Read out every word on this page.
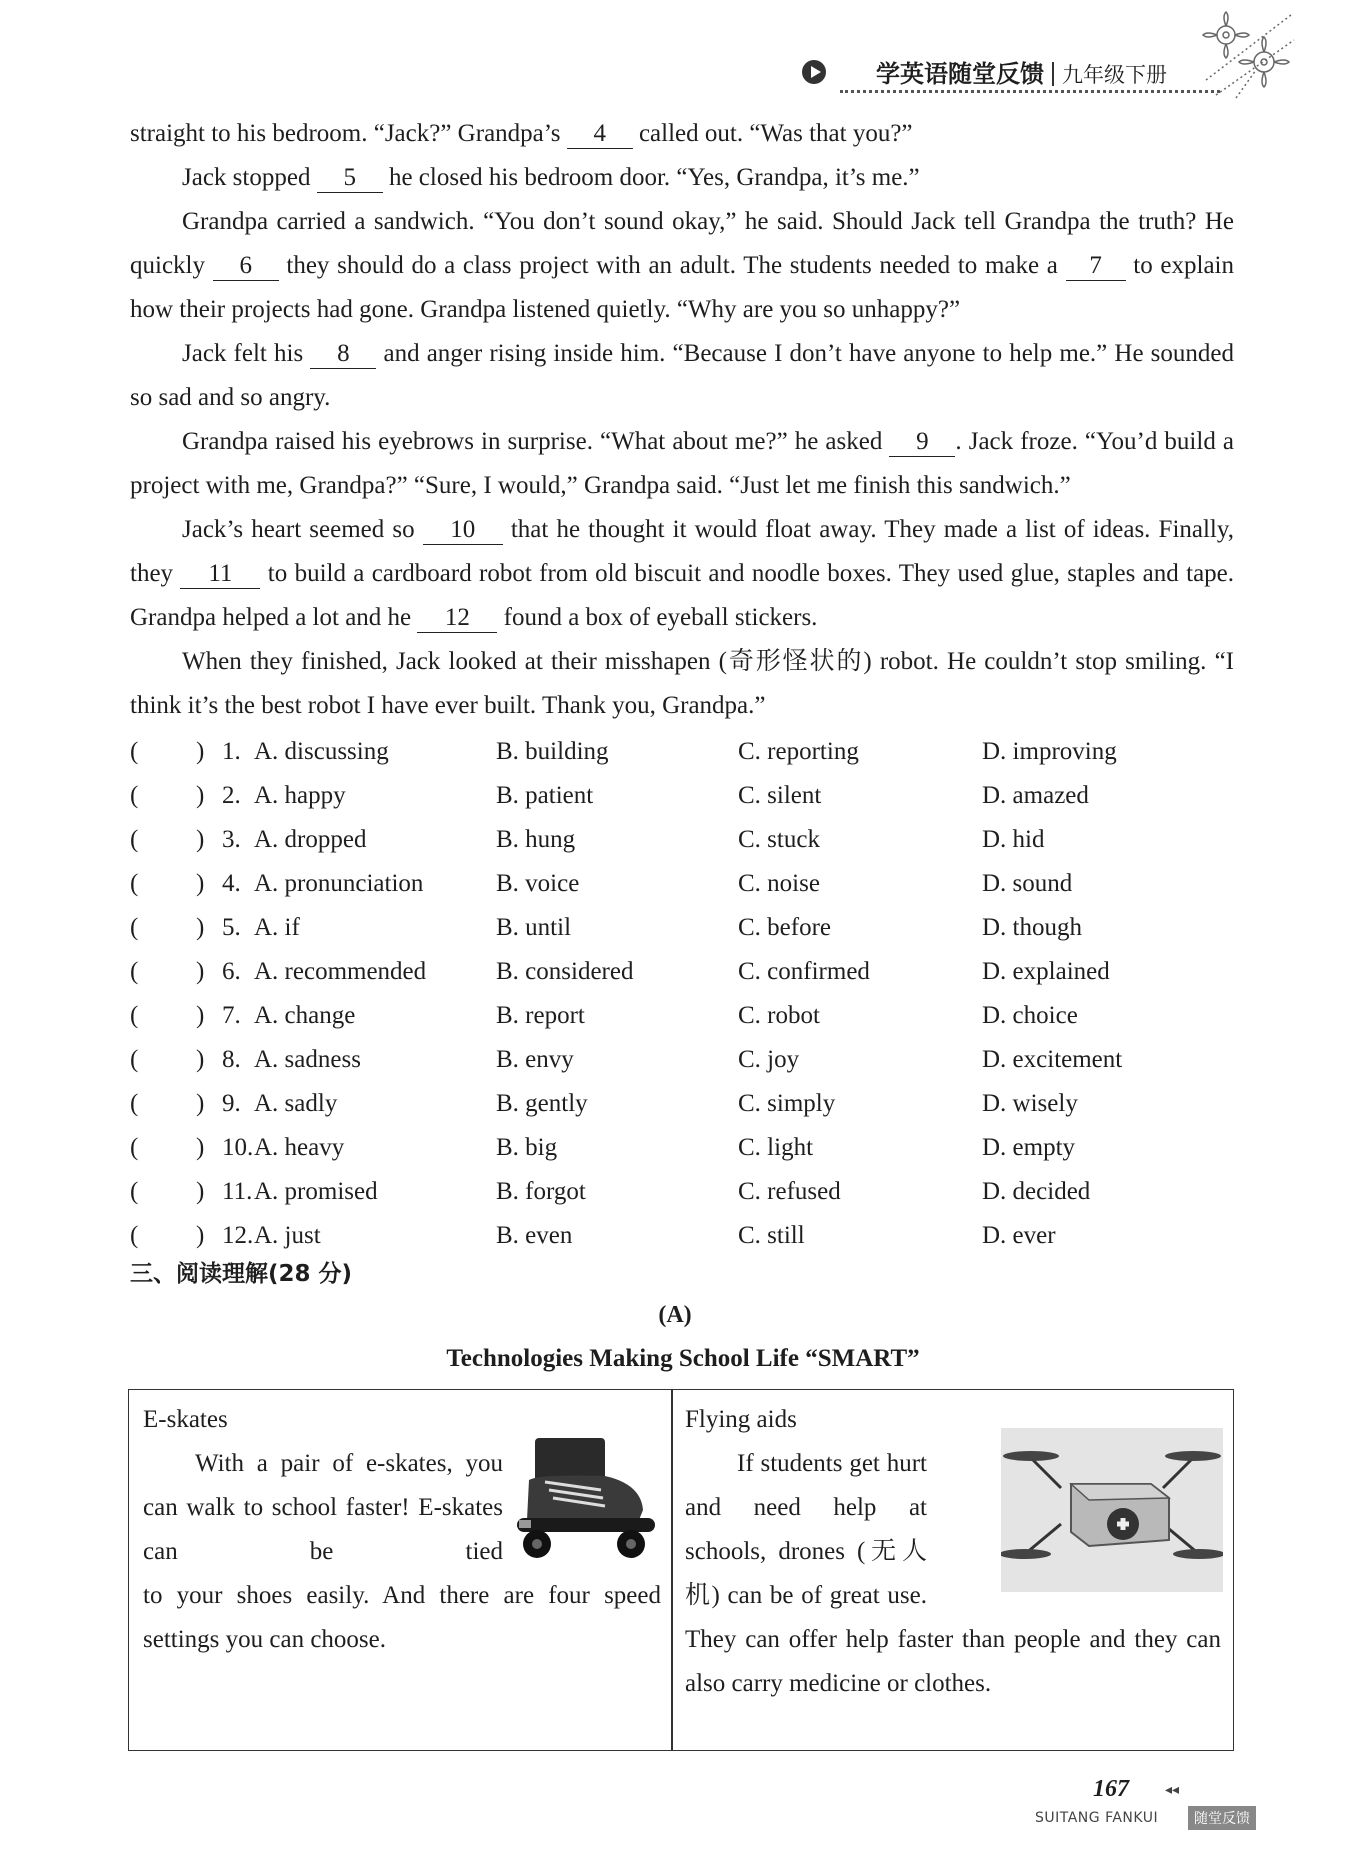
学英语随堂反馈 九年级下册

straight to his bedroom. “Jack?” Grandpa’s 4 called out. “Was that you?”

Jack stopped 5 he closed his bedroom door. “Yes, Grandpa, it’s me.”

Grandpa carried a sandwich. “You don’t sound okay,” he said. Should Jack tell Grandpa the truth? He quickly 6 they should do a class project with an adult. The students needed to make a 7 to explain how their projects had gone. Grandpa listened quietly. “Why are you so unhappy?”

Jack felt his 8 and anger rising inside him. “Because I don’t have anyone to help me.” He sounded so sad and so angry.

Grandpa raised his eyebrows in surprise. “What about me?” he asked 9 . Jack froze. “You’d build a project with me, Grandpa?” “Sure, I would,” Grandpa said. “Just let me finish this sandwich.”

Jack’s heart seemed so 10 that he thought it would float away. They made a list of ideas. Finally, they 11 to build a cardboard robot from old biscuit and noodle boxes. They used glue, staples and tape. Grandpa helped a lot and he 12 found a box of eyeball stickers.

When they finished, Jack looked at their misshapen (奇形怪状的) robot. He couldn’t stop smiling. “I think it’s the best robot I have ever built. Thank you, Grandpa.”

( ) 1. A. discussing	B. building	C. reporting	D. improving
( ) 2. A. happy	B. patient	C. silent	D. amazed
( ) 3. A. dropped	B. hung	C. stuck	D. hid
( ) 4. A. pronunciation	B. voice	C. noise	D. sound
( ) 5. A. if	B. until	C. before	D. though
( ) 6. A. recommended	B. considered	C. confirmed	D. explained
( ) 7. A. change	B. report	C. robot	D. choice
( ) 8. A. sadness	B. envy	C. joy	D. excitement
( ) 9. A. sadly	B. gently	C. simply	D. wisely
( ) 10. A. heavy	B. big	C. light	D. empty
( ) 11. A. promised	B. forgot	C. refused	D. decided
( ) 12. A. just	B. even	C. still	D. ever
三、阅读理解(28 分)
(A)
Technologies Making School Life “SMART”
E-skates
With a pair of e-skates, you can walk to school faster! E-skates can be tied
to your shoes easily. And there are four speed settings you can choose.
Flying aids
If students get hurt and need help at schools, drones (无人机) can be of great use.
They can offer help faster than people and they can also carry medicine or clothes.
167	◂◂
SUITANG FANKUI	随堂反馈
